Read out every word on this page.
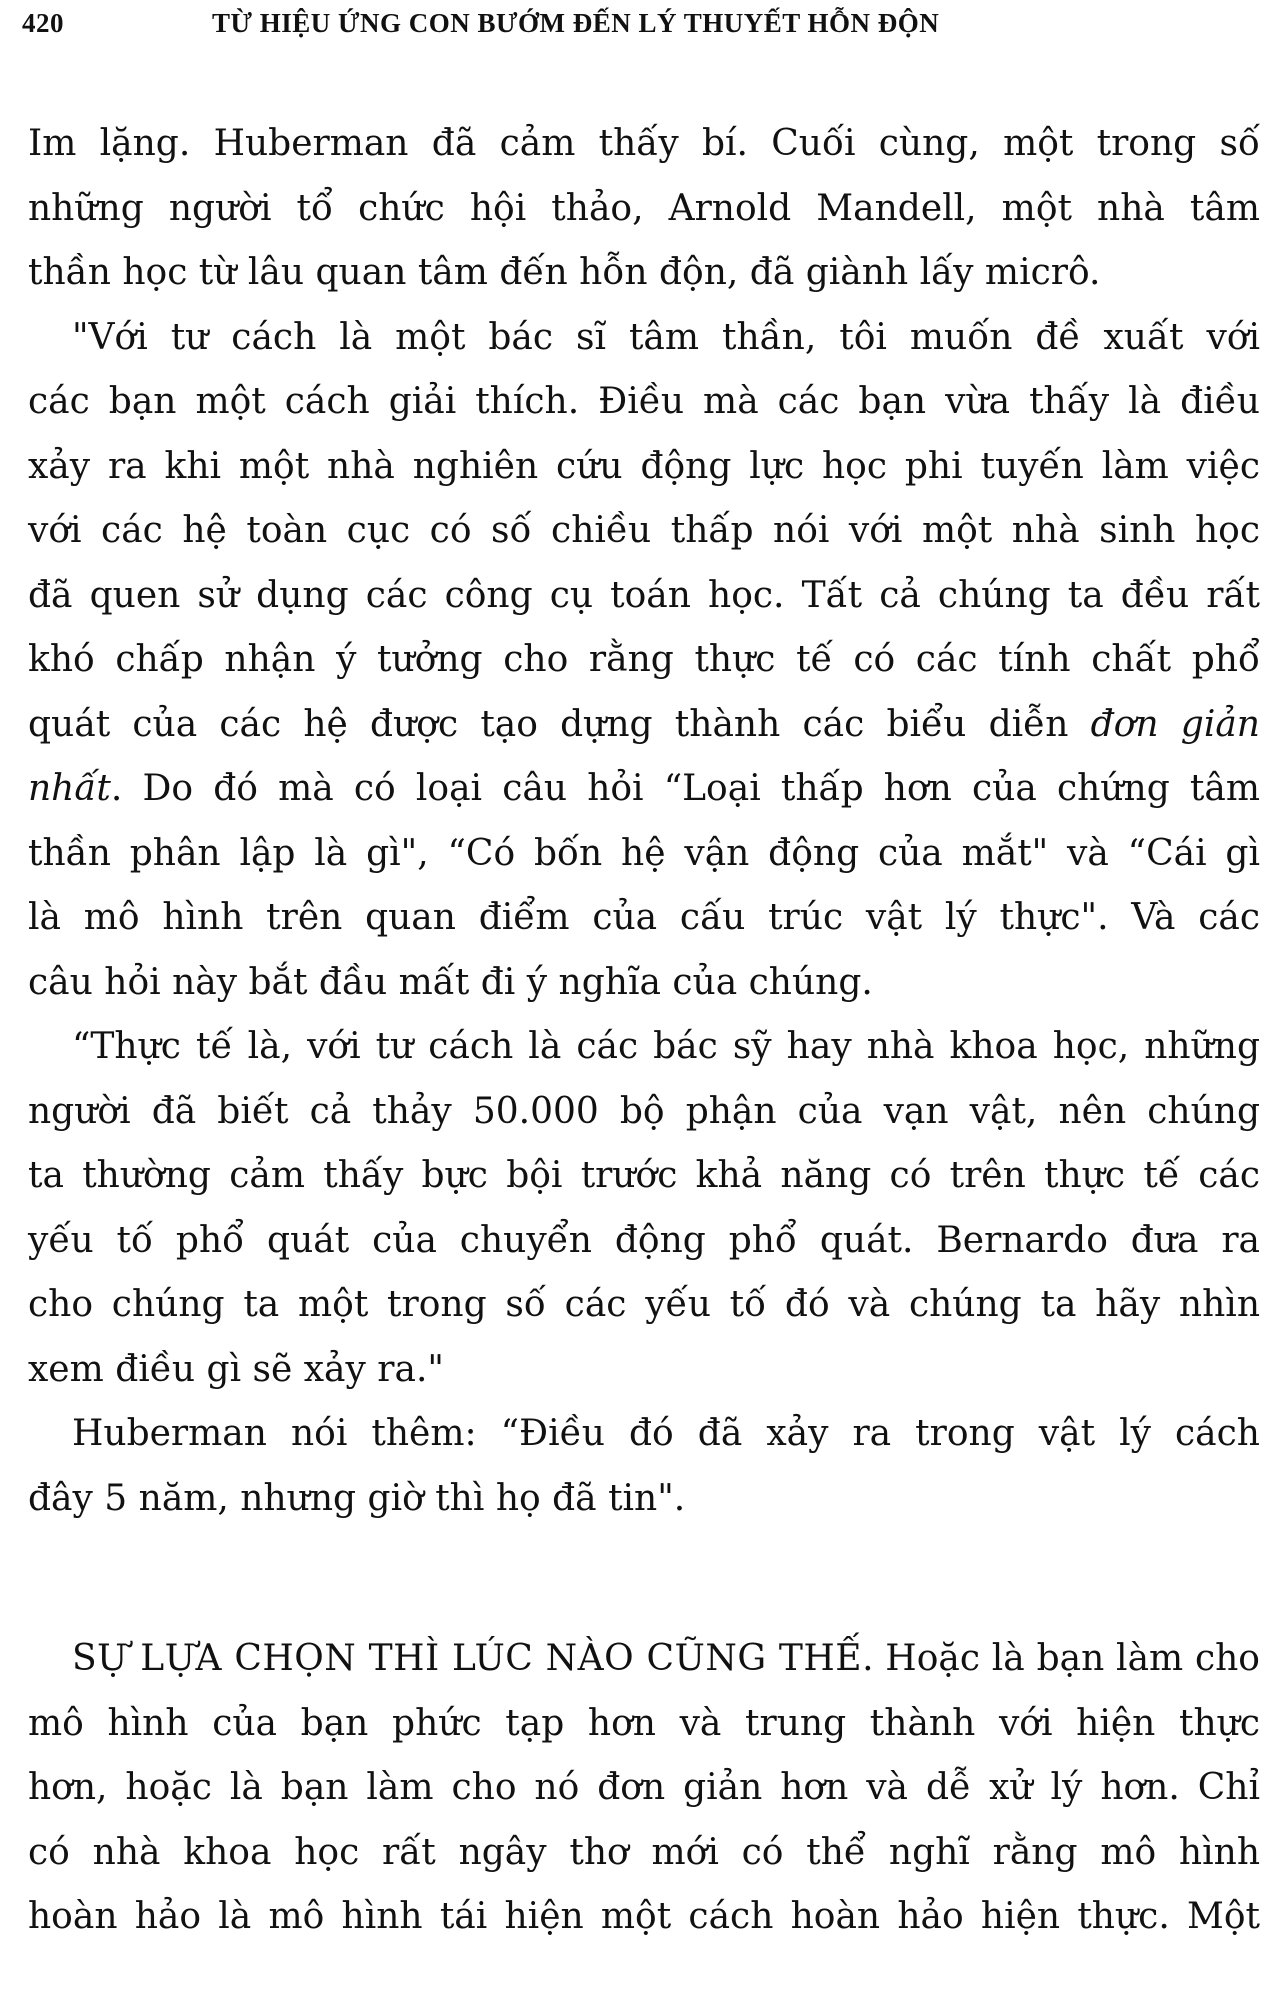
420	TỪ HIỆU ỨNG CON BƯỚM ĐẾN LÝ THUYẾT HỖN ĐỘN
Im lặng. Huberman đã cảm thấy bí. Cuối cùng, một trong số
những người tổ chức hội thảo, Arnold Mandell, một nhà tâm
thần học từ lâu quan tâm đến hỗn độn, đã giành lấy micrô.
"Với tư cách là một bác sĩ tâm thần, tôi muốn đề xuất với
các bạn một cách giải thích. Điều mà các bạn vừa thấy là điều
xảy ra khi một nhà nghiên cứu động lực học phi tuyến làm việc
với các hệ toàn cục có số chiều thấp nói với một nhà sinh học
đã quen sử dụng các công cụ toán học. Tất cả chúng ta đều rất
khó chấp nhận ý tưởng cho rằng thực tế có các tính chất phổ
quát của các hệ được tạo dựng thành các biểu diễn đơn giản
nhất. Do đó mà có loại câu hỏi “Loại thấp hơn của chứng tâm
thần phân lập là gì", “Có bốn hệ vận động của mắt" và “Cái gì
là mô hình trên quan điểm của cấu trúc vật lý thực". Và các
câu hỏi này bắt đầu mất đi ý nghĩa của chúng.
“Thực tế là, với tư cách là các bác sỹ hay nhà khoa học, những
người đã biết cả thảy 50.000 bộ phận của vạn vật, nên chúng
ta thường cảm thấy bực bội trước khả năng có trên thực tế các
yếu tố phổ quát của chuyển động phổ quát. Bernardo đưa ra
cho chúng ta một trong số các yếu tố đó và chúng ta hãy nhìn
xem điều gì sẽ xảy ra."
Huberman nói thêm: “Điều đó đã xảy ra trong vật lý cách
đây 5 năm, nhưng giờ thì họ đã tin".
SỰ LỰA CHỌN THÌ LÚC NÀO CŨNG THẾ. Hoặc là bạn làm cho
mô hình của bạn phức tạp hơn và trung thành với hiện thực
hơn, hoặc là bạn làm cho nó đơn giản hơn và dễ xử lý hơn. Chỉ
có nhà khoa học rất ngây thơ mới có thể nghĩ rằng mô hình
hoàn hảo là mô hình tái hiện một cách hoàn hảo hiện thực. Một
